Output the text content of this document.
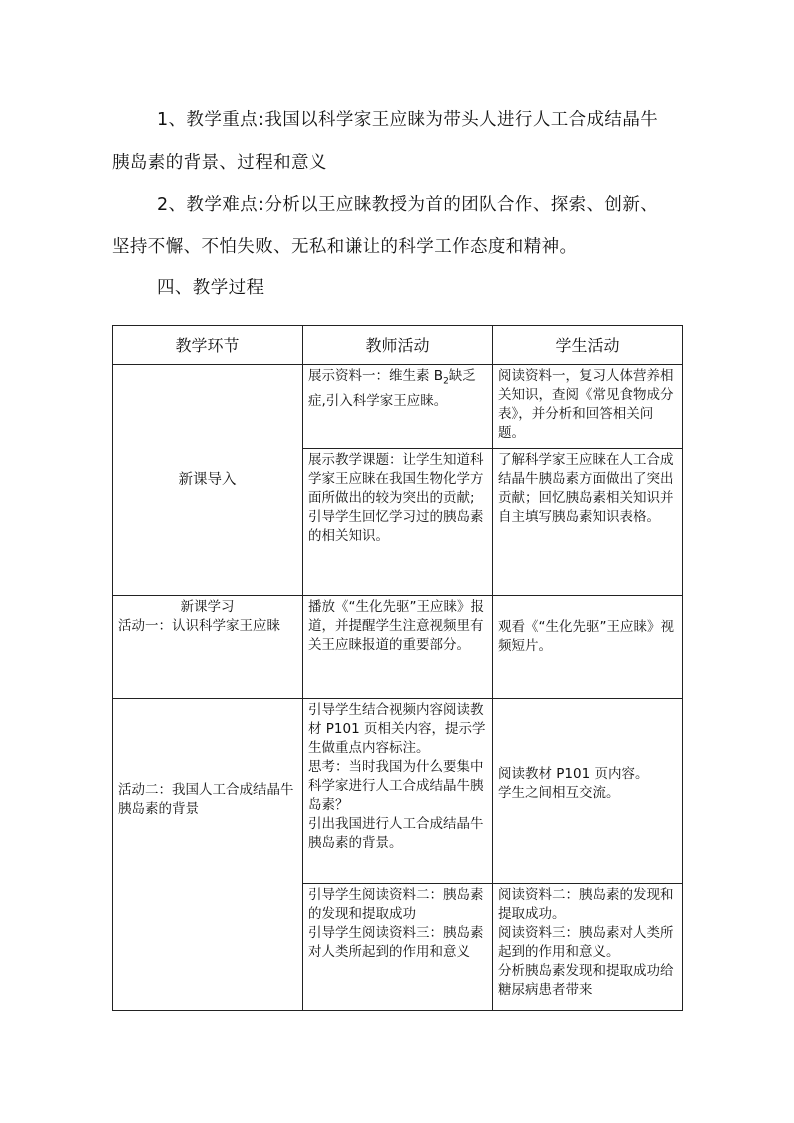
1、教学重点:我国以科学家王应睐为带头人进行人工合成结晶牛
胰岛素的背景、过程和意义
2、教学难点:分析以王应睐教授为首的团队合作、探索、创新、
坚持不懈、不怕失败、无私和谦让的科学工作态度和精神。
四、教学过程
教学环节	教师活动	学生活动
新课导入	展示资料一：维生素 $B_2$缺乏症,引入科学家王应睐。	阅读资料一，复习人体营养相关知识，查阅《常见食物成分表》，并分析和回答相关问题。
	展示教学课题：让学生知道科学家王应睐在我国生物化学方面所做出的较为突出的贡献;引导学生回忆学习过的胰岛素的相关知识。	了解科学家王应睐在人工合成结晶牛胰岛素方面做出了突出贡献；回忆胰岛素相关知识并自主填写胰岛素知识表格。

新课学习
活动一：认识科学家王应睐	播放《“生化先驱”王应睐》报道，并提醒学生注意视频里有关王应睐报道的重要部分。	观看《“生化先驱”王应睐》视频短片。
活动二：我国人工合成结晶牛胰岛素的背景	引导学生结合视频内容阅读教材 P101 页相关内容，提示学生做重点内容标注。
思考：当时我国为什么要集中科学家进行人工合成结晶牛胰岛素？
引出我国进行人工合成结晶牛胰岛素的背景。	阅读教材 P101 页内容。
学生之间相互交流。

	引导学生阅读资料二：胰岛素的发现和提取成功
引导学生阅读资料三：胰岛素对人类所起到的作用和意义	阅读资料二：胰岛素的发现和提取成功。
阅读资料三：胰岛素对人类所起到的作用和意义。
分析胰岛素发现和提取成功给糖尿病患者带来
